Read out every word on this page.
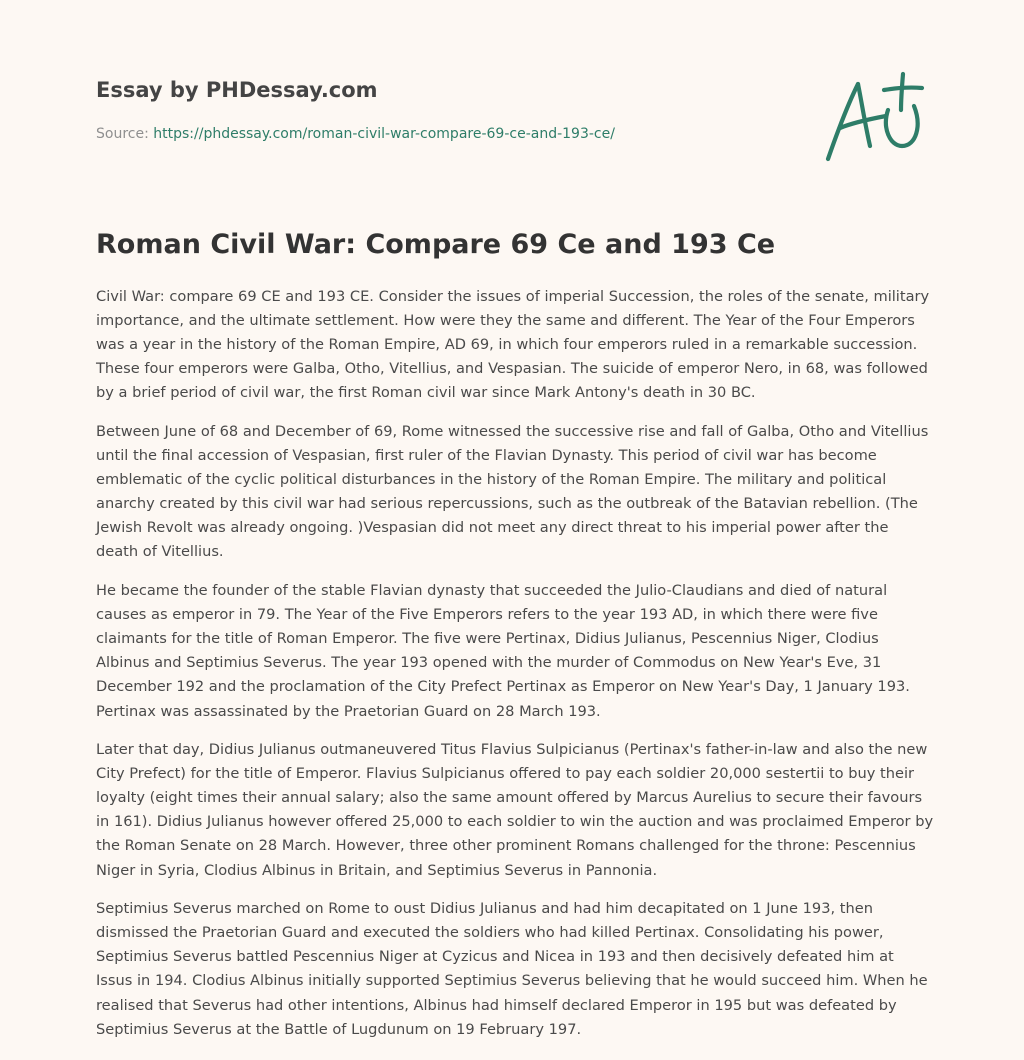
Essay by PHDessay.com

Source: https://phdessay.com/roman-civil-war-compare-69-ce-and-193-ce/
Roman Civil War: Compare 69 Ce and 193 Ce

Civil War: compare 69 CE and 193 CE. Consider the issues of imperial Succession, the roles of the senate, military importance, and the ultimate settlement. How were they the same and different. The Year of the Four Emperors was a year in the history of the Roman Empire, AD 69, in which four emperors ruled in a remarkable succession. These four emperors were Galba, Otho, Vitellius, and Vespasian. The suicide of emperor Nero, in 68, was followed by a brief period of civil war, the first Roman civil war since Mark Antony's death in 30 BC.

Between June of 68 and December of 69, Rome witnessed the successive rise and fall of Galba, Otho and Vitellius until the final accession of Vespasian, first ruler of the Flavian Dynasty. This period of civil war has become emblematic of the cyclic political disturbances in the history of the Roman Empire. The military and political anarchy created by this civil war had serious repercussions, such as the outbreak of the Batavian rebellion. (The Jewish Revolt was already ongoing. )Vespasian did not meet any direct threat to his imperial power after the death of Vitellius.

He became the founder of the stable Flavian dynasty that succeeded the Julio-Claudians and died of natural causes as emperor in 79. The Year of the Five Emperors refers to the year 193 AD, in which there were five claimants for the title of Roman Emperor. The five were Pertinax, Didius Julianus, Pescennius Niger, Clodius Albinus and Septimius Severus. The year 193 opened with the murder of Commodus on New Year's Eve, 31 December 192 and the proclamation of the City Prefect Pertinax as Emperor on New Year's Day, 1 January 193. Pertinax was assassinated by the Praetorian Guard on 28 March 193.

Later that day, Didius Julianus outmaneuvered Titus Flavius Sulpicianus (Pertinax's father-in-law and also the new City Prefect) for the title of Emperor. Flavius Sulpicianus offered to pay each soldier 20,000 sestertii to buy their loyalty (eight times their annual salary; also the same amount offered by Marcus Aurelius to secure their favours in 161). Didius Julianus however offered 25,000 to each soldier to win the auction and was proclaimed Emperor by the Roman Senate on 28 March. However, three other prominent Romans challenged for the throne: Pescennius Niger in Syria, Clodius Albinus in Britain, and Septimius Severus in Pannonia.

Septimius Severus marched on Rome to oust Didius Julianus and had him decapitated on 1 June 193, then dismissed the Praetorian Guard and executed the soldiers who had killed Pertinax. Consolidating his power, Septimius Severus battled Pescennius Niger at Cyzicus and Nicea in 193 and then decisively defeated him at Issus in 194. Clodius Albinus initially supported Septimius Severus believing that he would succeed him. When he realised that Severus had other intentions, Albinus had himself declared Emperor in 195 but was defeated by Septimius Severus at the Battle of Lugdunum on 19 February 197.
